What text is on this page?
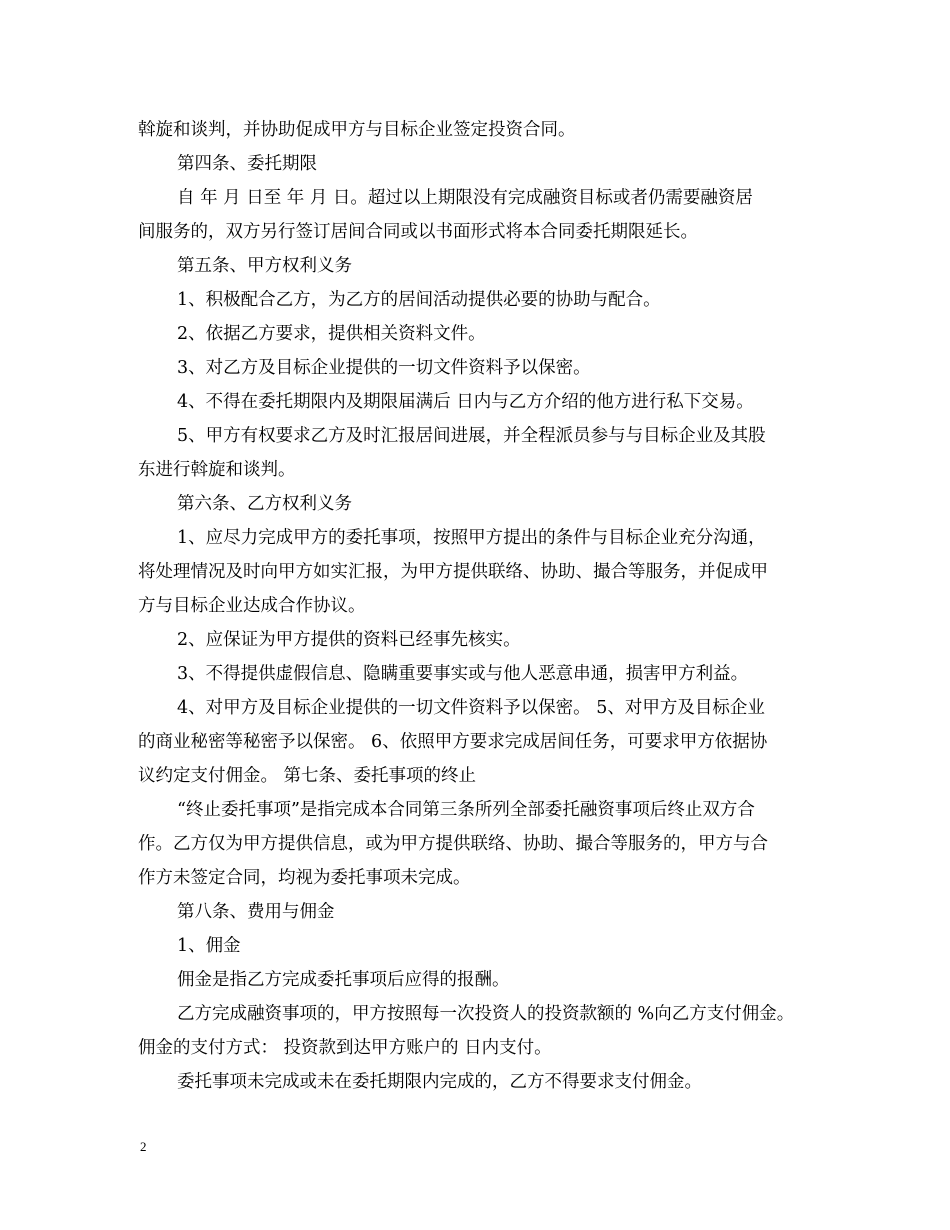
斡旋和谈判，并协助促成甲方与目标企业签定投资合同。
第四条、委托期限
自 年 月 日至 年 月 日。超过以上期限没有完成融资目标或者仍需要融资居
间服务的，双方另行签订居间合同或以书面形式将本合同委托期限延长。
第五条、甲方权利义务
1、积极配合乙方，为乙方的居间活动提供必要的协助与配合。
2、依据乙方要求，提供相关资料文件。
3、对乙方及目标企业提供的一切文件资料予以保密。
4、不得在委托期限内及期限届满后 日内与乙方介绍的他方进行私下交易。
5、甲方有权要求乙方及时汇报居间进展，并全程派员参与与目标企业及其股
东进行斡旋和谈判。
第六条、乙方权利义务
1、应尽力完成甲方的委托事项，按照甲方提出的条件与目标企业充分沟通，
将处理情况及时向甲方如实汇报，为甲方提供联络、协助、撮合等服务，并促成甲
方与目标企业达成合作协议。
2、应保证为甲方提供的资料已经事先核实。
3、不得提供虚假信息、隐瞒重要事实或与他人恶意串通，损害甲方利益。
4、对甲方及目标企业提供的一切文件资料予以保密。 5、对甲方及目标企业
的商业秘密等秘密予以保密。 6、依照甲方要求完成居间任务，可要求甲方依据协
议约定支付佣金。 第七条、委托事项的终止
“终止委托事项”是指完成本合同第三条所列全部委托融资事项后终止双方合
作。乙方仅为甲方提供信息，或为甲方提供联络、协助、撮合等服务的，甲方与合
作方未签定合同，均视为委托事项未完成。
第八条、费用与佣金
1、佣金
佣金是指乙方完成委托事项后应得的报酬。
乙方完成融资事项的，甲方按照每一次投资人的投资款额的 %向乙方支付佣金。
佣金的支付方式： 投资款到达甲方账户的 日内支付。
委托事项未完成或未在委托期限内完成的，乙方不得要求支付佣金。
2
